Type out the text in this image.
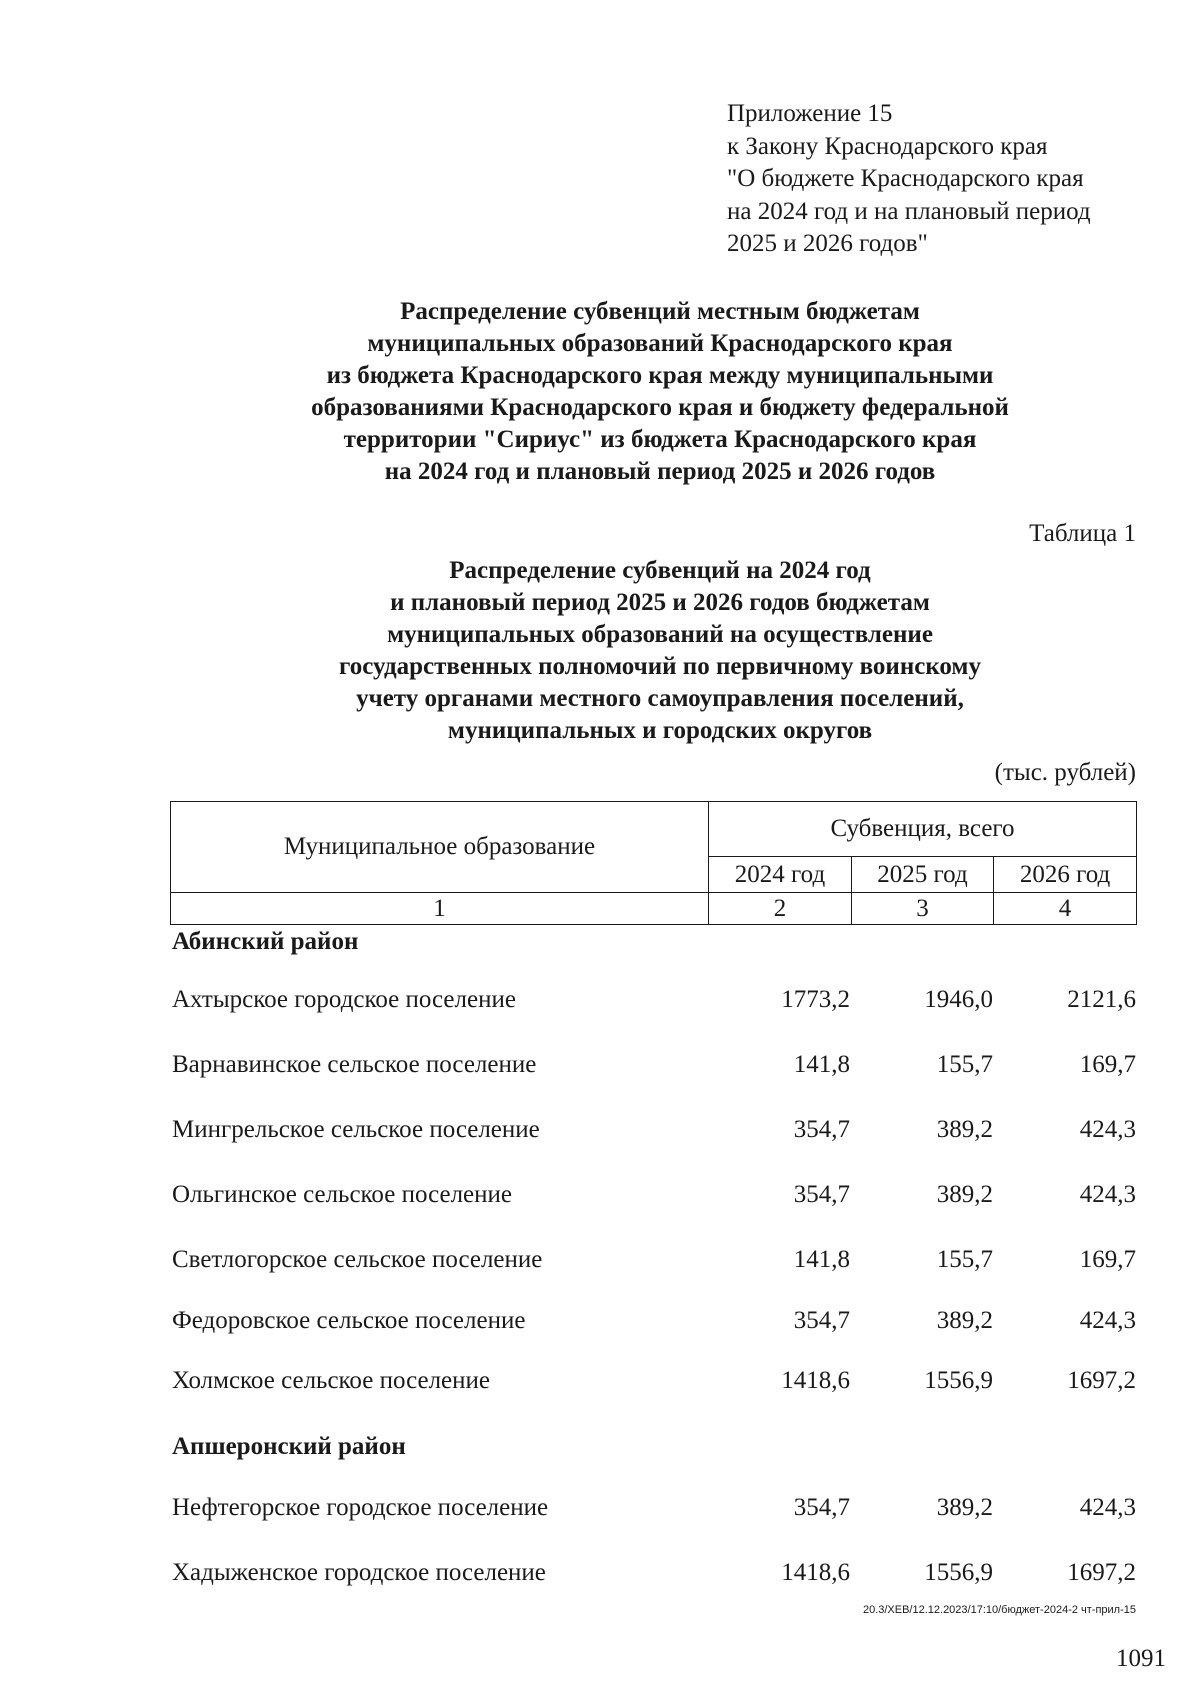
Приложение 15
к Закону Краснодарского края
"О бюджете Краснодарского края
на 2024 год и на плановый период
2025 и 2026 годов"
Распределение субвенций местным бюджетам
муниципальных образований Краснодарского края
из бюджета Краснодарского края между муниципальными
образованиями Краснодарского края и бюджету федеральной
территории "Сириус" из бюджета Краснодарского края
на 2024 год и плановый период 2025 и 2026 годов
Таблица 1
Распределение субвенций на 2024 год
и плановый период 2025 и 2026 годов бюджетам
муниципальных образований на осуществление
государственных полномочий по первичному воинскому
учету органами местного самоуправления поселений,
муниципальных и городских округов
(тыс. рублей)
Муниципальное образование	Субвенция, всего		
	2024 год	2025 год	2026 год
1	2	3	4
Абинский район
Ахтырское городское поселение	1773,2	1946,0	2121,6
Варнавинское сельское поселение	141,8	155,7	169,7
Мингрельское сельское поселение	354,7	389,2	424,3
Ольгинское сельское поселение	354,7	389,2	424,3
Светлогорское сельское поселение	141,8	155,7	169,7
Федоровское сельское поселение	354,7	389,2	424,3
Холмское сельское поселение	1418,6	1556,9	1697,2
Апшеронский район
Нефтегорское городское поселение	354,7	389,2	424,3
Хадыженское городское поселение	1418,6	1556,9	1697,2
20.3/ХЕВ/12.12.2023/17:10/бюджет-2024-2 чт-прил-15
1091
